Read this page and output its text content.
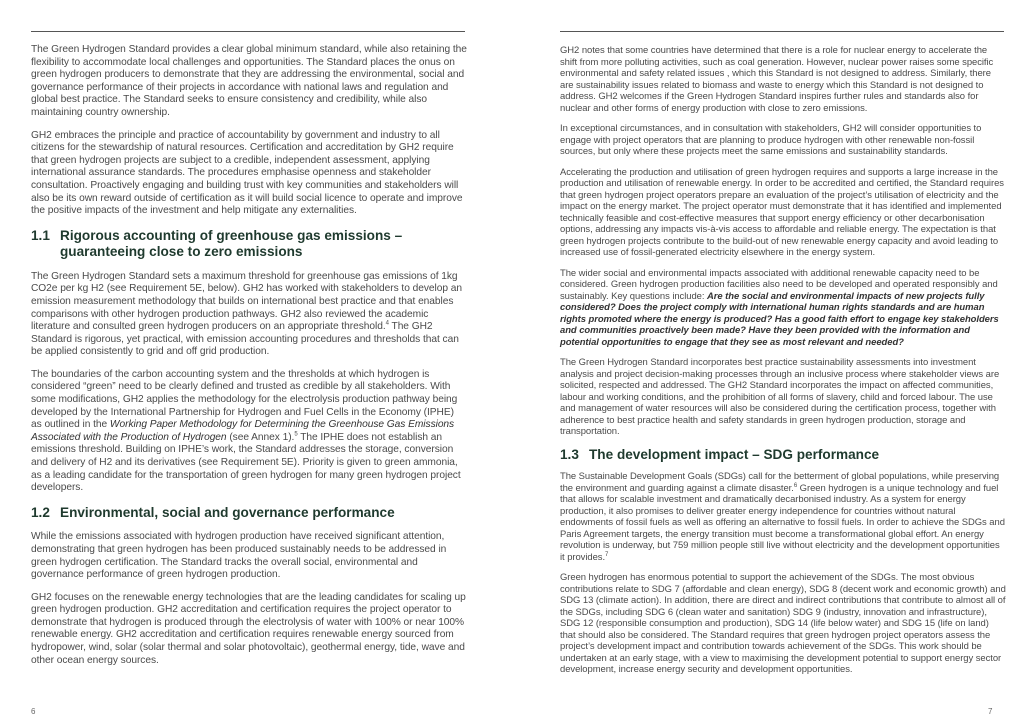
The Green Hydrogen Standard provides a clear global minimum standard, while also retaining the flexibility to accommodate local challenges and opportunities. The Standard places the onus on green hydrogen producers to demonstrate that they are addressing the environmental, social and governance performance of their projects in accordance with national laws and regulation and global best practice. The Standard seeks to ensure consistency and credibility, while also maintaining country ownership.

GH2 embraces the principle and practice of accountability by government and industry to all citizens for the stewardship of natural resources. Certification and accreditation by GH2 require that green hydrogen projects are subject to a credible, independent assessment, applying international assurance standards. The procedures emphasise openness and stakeholder consultation. Proactively engaging and building trust with key communities and stakeholders will also be its own reward outside of certification as it will build social licence to operate and improve the positive impacts of the investment and help mitigate any externalities.

1.1 Rigorous accounting of greenhouse gas emissions – guaranteeing close to zero emissions

The Green Hydrogen Standard sets a maximum threshold for greenhouse gas emissions of 1kg CO2e per kg H2 (see Requirement 5E, below). GH2 has worked with stakeholders to develop an emission measurement methodology that builds on international best practice and that enables comparisons with other hydrogen production pathways. GH2 also reviewed the academic literature and consulted green hydrogen producers on an appropriate threshold.$^4$ The GH2 Standard is rigorous, yet practical, with emission accounting procedures and thresholds that can be applied consistently to grid and off grid production.

The boundaries of the carbon accounting system and the thresholds at which hydrogen is considered “green” need to be clearly defined and trusted as credible by all stakeholders. With some modifications, GH2 applies the methodology for the electrolysis production pathway being developed by the International Partnership for Hydrogen and Fuel Cells in the Economy (IPHE) as outlined in the Working Paper Methodology for Determining the Greenhouse Gas Emissions Associated with the Production of Hydrogen (see Annex 1).$^5$ The IPHE does not establish an emissions threshold. Building on IPHE’s work, the Standard addresses the storage, conversion and delivery of H2 and its derivatives (see Requirement 5E). Priority is given to green ammonia, as a leading candidate for the transportation of green hydrogen for many green hydrogen project developers.

1.2 Environmental, social and governance performance

While the emissions associated with hydrogen production have received significant attention, demonstrating that green hydrogen has been produced sustainably needs to be addressed in green hydrogen certification. The Standard tracks the overall social, environmental and governance performance of green hydrogen production.

GH2 focuses on the renewable energy technologies that are the leading candidates for scaling up green hydrogen production. GH2 accreditation and certification requires the project operator to demonstrate that hydrogen is produced through the electrolysis of water with 100% or near 100% renewable energy. GH2 accreditation and certification requires renewable energy sourced from hydropower, wind, solar (solar thermal and solar photovoltaic), geothermal energy, tide, wave and other ocean energy sources.

6

GH2 notes that some countries have determined that there is a role for nuclear energy to accelerate the shift from more polluting activities, such as coal generation. However, nuclear power raises some specific environmental and safety related issues , which this Standard is not designed to address. Similarly, there are sustainability issues related to biomass and waste to energy which this Standard is not designed to address. GH2 welcomes if the Green Hydrogen Standard inspires further rules and standards also for nuclear and other forms of energy production with close to zero emissions.

In exceptional circumstances, and in consultation with stakeholders, GH2 will consider opportunities to engage with project operators that are planning to produce hydrogen with other renewable non-fossil sources, but only where these projects meet the same emissions and sustainability standards.

Accelerating the production and utilisation of green hydrogen requires and supports a large increase in the production and utilisation of renewable energy. In order to be accredited and certified, the Standard requires that green hydrogen project operators prepare an evaluation of the project’s utilisation of electricity and the impact on the energy market. The project operator must demonstrate that it has identified and implemented technically feasible and cost-effective measures that support energy efficiency or other decarbonisation options, addressing any impacts vis-à-vis access to affordable and reliable energy. The expectation is that green hydrogen projects contribute to the build-out of new renewable energy capacity and avoid leading to increased use of fossil-generated electricity elsewhere in the energy system.

The wider social and environmental impacts associated with additional renewable capacity need to be considered. Green hydrogen production facilities also need to be developed and operated responsibly and sustainably. Key questions include: Are the social and environmental impacts of new projects fully considered? Does the project comply with international human rights standards and are human rights promoted where the energy is produced? Has a good faith effort to engage key stakeholders and communities proactively been made? Have they been provided with the information and potential opportunities to engage that they see as most relevant and needed?

The Green Hydrogen Standard incorporates best practice sustainability assessments into investment analysis and project decision-making processes through an inclusive process where stakeholder views are solicited, respected and addressed. The GH2 Standard incorporates the impact on affected communities, labour and working conditions, and the prohibition of all forms of slavery, child and forced labour. The use and management of water resources will also be considered during the certification process, together with adherence to best practice health and safety standards in green hydrogen production, storage and transportation.

1.3 The development impact – SDG performance

The Sustainable Development Goals (SDGs) call for the betterment of global populations, while preserving the environment and guarding against a climate disaster.$^6$ Green hydrogen is a unique technology and fuel that allows for scalable investment and dramatically decarbonised industry. As a system for energy production, it also promises to deliver greater energy independence for countries without natural endowments of fossil fuels as well as offering an alternative to fossil fuels. In order to achieve the SDGs and Paris Agreement targets, the energy transition must become a transformational global effort. An energy revolution is underway, but 759 million people still live without electricity and the development opportunities it provides.$^7$

Green hydrogen has enormous potential to support the achievement of the SDGs. The most obvious contributions relate to SDG 7 (affordable and clean energy), SDG 8 (decent work and economic growth) and SDG 13 (climate action). In addition, there are direct and indirect contributions that contribute to almost all of the SDGs, including SDG 6 (clean water and sanitation) SDG 9 (industry, innovation and infrastructure), SDG 12 (responsible consumption and production), SDG 14 (life below water) and SDG 15 (life on land) that should also be considered. The Standard requires that green hydrogen project operators assess the project’s development impact and contribution towards achievement of the SDGs. This work should be undertaken at an early stage, with a view to maximising the development potential to support energy sector development, increase energy security and development opportunities.

7
